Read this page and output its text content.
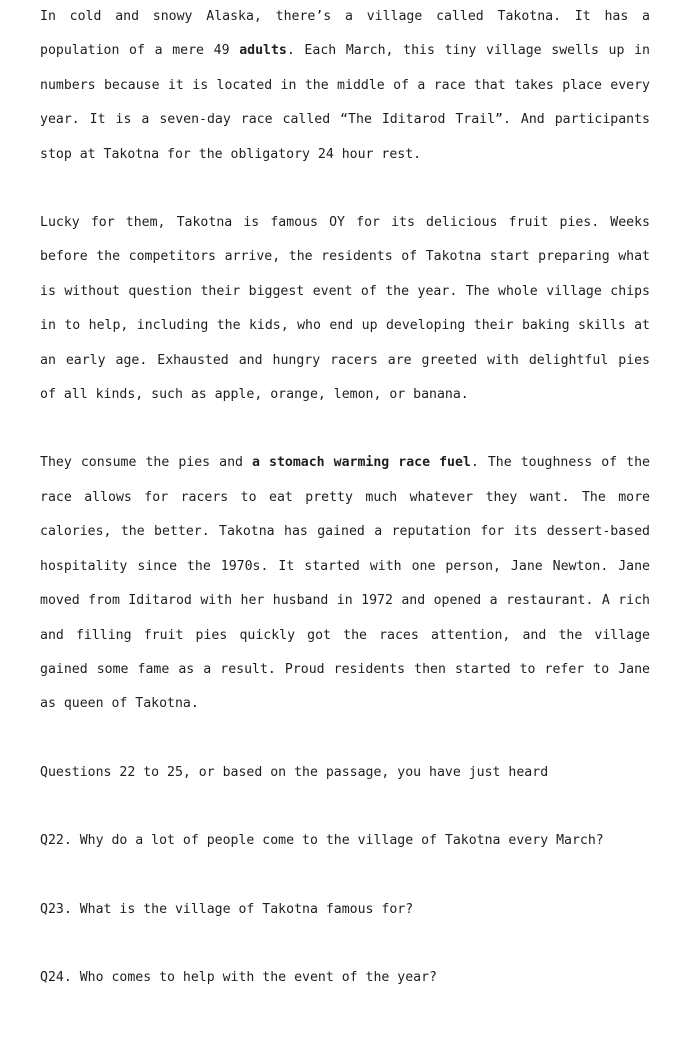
In cold and snowy Alaska, there’s a village called Takotna. It has a population of a mere 49 adults. Each March, this tiny village swells up in numbers because it is located in the middle of a race that takes place every year. It is a seven-day race called “The Iditarod Trail”. And participants stop at Takotna for the obligatory 24 hour rest.

Lucky for them, Takotna is famous OY for its delicious fruit pies. Weeks before the competitors arrive, the residents of Takotna start preparing what is without question their biggest event of the year. The whole village chips in to help, including the kids, who end up developing their baking skills at an early age. Exhausted and hungry racers are greeted with delightful pies of all kinds, such as apple, orange, lemon, or banana.

They consume the pies and a stomach warming race fuel. The toughness of the race allows for racers to eat pretty much whatever they want. The more calories, the better. Takotna has gained a reputation for its dessert-based hospitality since the 1970s. It started with one person, Jane Newton. Jane moved from Iditarod with her husband in 1972 and opened a restaurant. A rich and filling fruit pies quickly got the races attention, and the village gained some fame as a result. Proud residents then started to refer to Jane as queen of Takotna.

Questions 22 to 25, or based on the passage, you have just heard

Q22. Why do a lot of people come to the village of Takotna every March?

Q23. What is the village of Takotna famous for?

Q24. Who comes to help with the event of the year?
